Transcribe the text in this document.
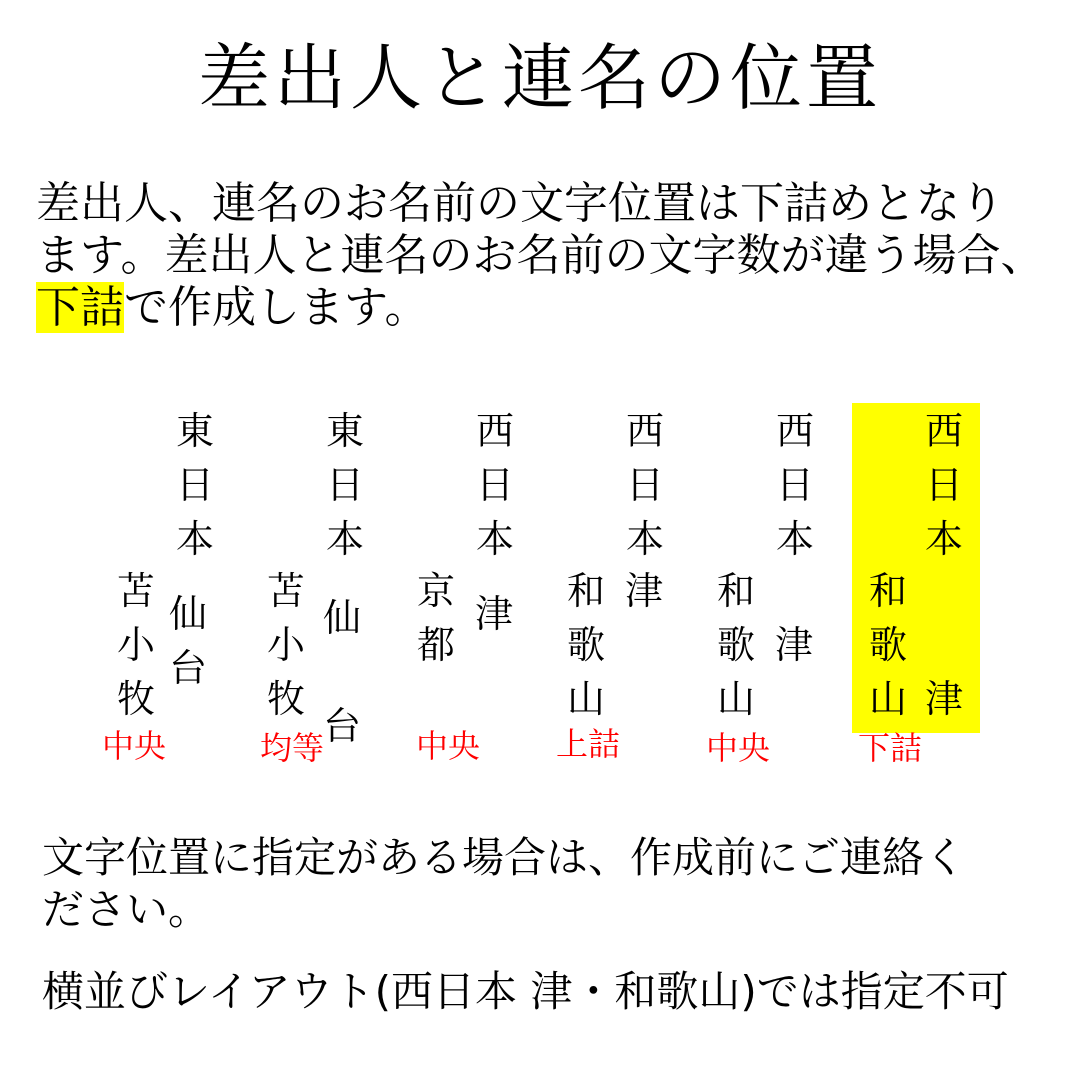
差出人と連名の位置
差出人、連名のお名前の文字位置は下詰めとなり
ます。差出人と連名のお名前の文字数が違う場合、
下詰で作成します。
東
日
本
苫
小
牧
仙
台
中央
東
日
本
苫
小
牧
仙
台
均等
西
日
本
京
都
津
中央
西
日
本
和
歌
山
津
上詰
西
日
本
和
歌
山
津
中央
西
日
本
和
歌
山 津
下詰
文字位置に指定がある場合は、作成前にご連絡く
ださい。
横並びレイアウト(西日本 津・和歌山)では指定不可
